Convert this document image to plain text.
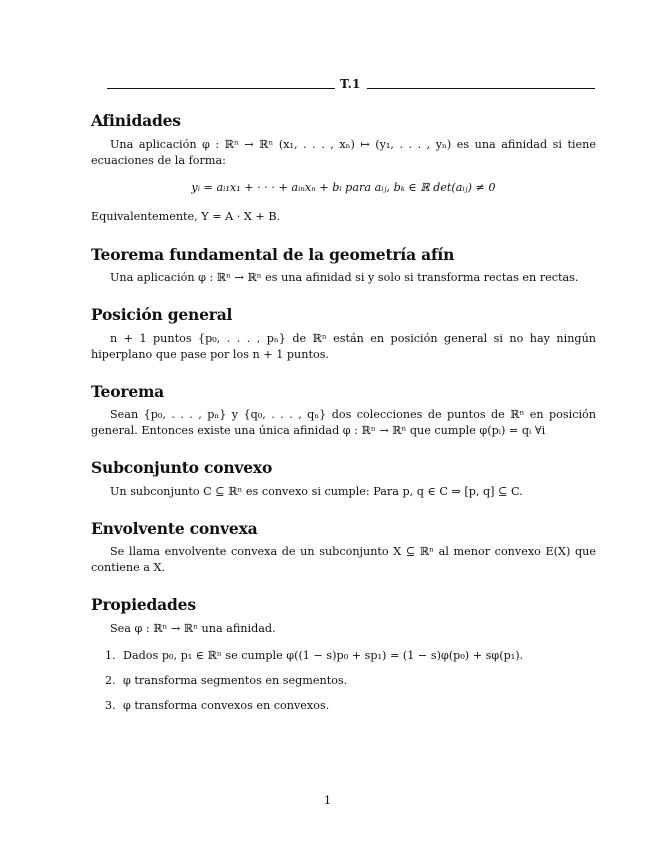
T.1
Afinidades

Una aplicación φ : ℝⁿ → ℝⁿ (x₁, . . . , xₙ) ↦ (y₁, . . . , yₙ) es una afinidad si tiene ecuaciones de la forma:

yᵢ = aᵢ₁x₁ + · · · + aᵢₙxₙ + bᵢ para aᵢⱼ, bₖ ∈ ℝ det(aᵢⱼ) ≠ 0

Equivalentemente, Y = A · X + B.

Teorema fundamental de la geometría afín

Una aplicación φ : ℝⁿ → ℝⁿ es una afinidad si y solo si transforma rectas en rectas.

Posición general

n + 1 puntos {p₀, . . . , pₙ} de ℝⁿ están en posición general si no hay ningún hiperplano que pase por los n + 1 puntos.

Teorema

Sean {p₀, . . . , pₙ} y {q₀, . . . , qₙ} dos colecciones de puntos de ℝⁿ en posición general. Entonces existe una única afinidad φ : ℝⁿ → ℝⁿ que cumple φ(pᵢ) = qᵢ ∀i

Subconjunto convexo

Un subconjunto C ⊆ ℝⁿ es convexo si cumple: Para p, q ∈ C ⇒ [p, q] ⊆ C.

Envolvente convexa

Se llama envolvente convexa de un subconjunto X ⊆ ℝⁿ al menor convexo E(X) que contiene a X.

Propiedades

Sea φ : ℝⁿ → ℝⁿ una afinidad.

1. Dados p₀, p₁ ∈ ℝⁿ se cumple φ((1 − s)p₀ + sp₁) = (1 − s)φ(p₀) + sφ(p₁).
2. φ transforma segmentos en segmentos.
3. φ transforma convexos en convexos.
1
